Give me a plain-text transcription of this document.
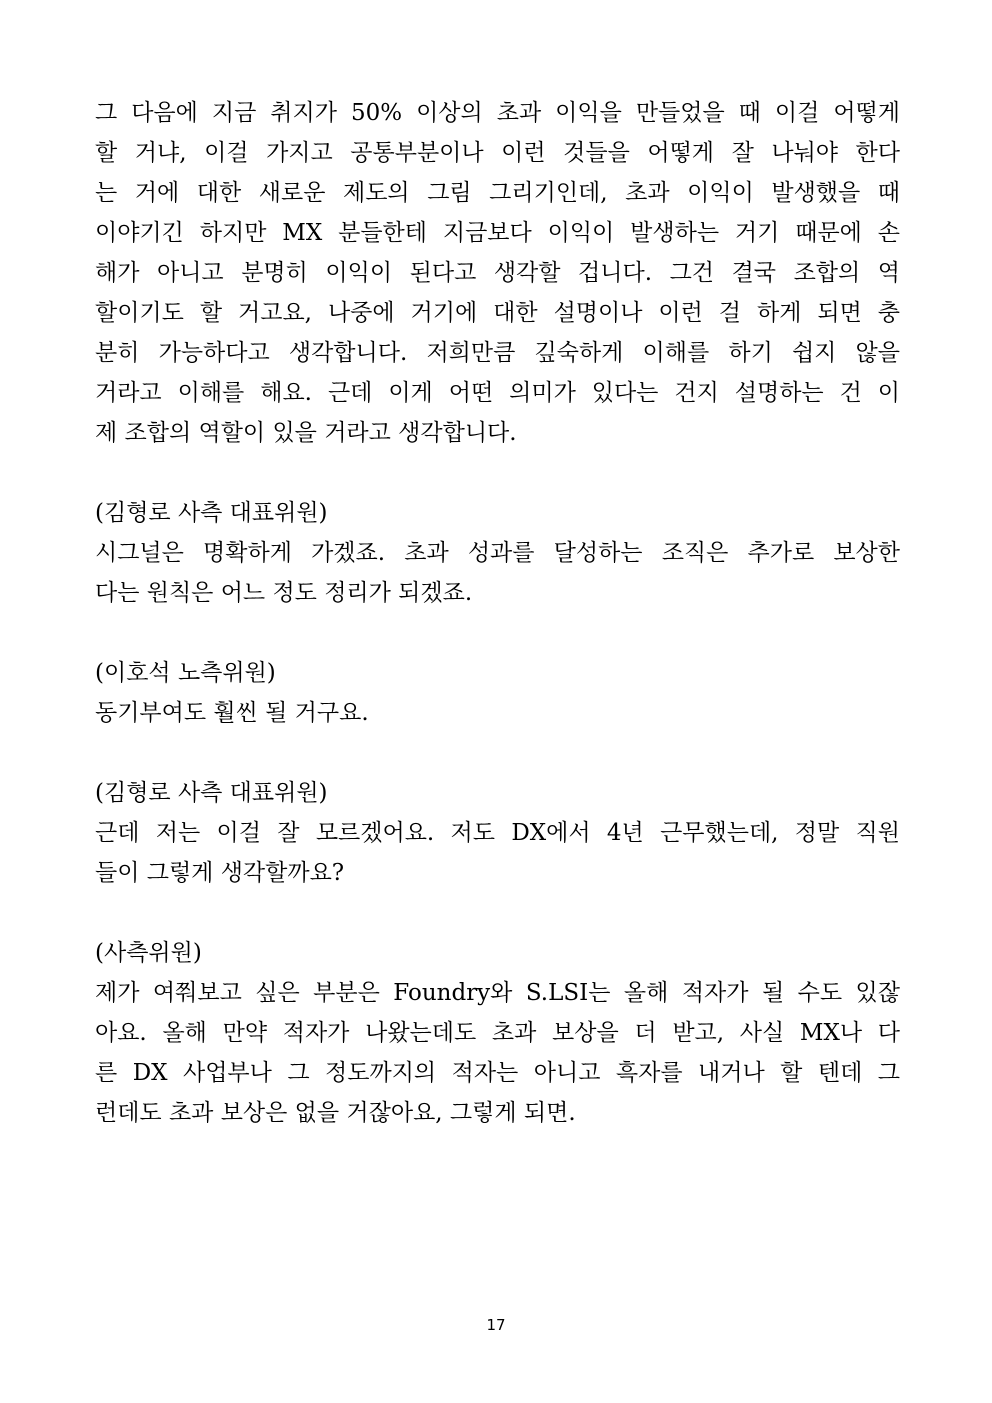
그 다음에 지금 취지가 50% 이상의 초과 이익을 만들었을 때 이걸 어떻게
할 거냐, 이걸 가지고 공통부분이나 이런 것들을 어떻게 잘 나눠야 한다
는 거에 대한 새로운 제도의 그림 그리기인데, 초과 이익이 발생했을 때
이야기긴 하지만 MX 분들한테 지금보다 이익이 발생하는 거기 때문에 손
해가 아니고 분명히 이익이 된다고 생각할 겁니다. 그건 결국 조합의 역
할이기도 할 거고요, 나중에 거기에 대한 설명이나 이런 걸 하게 되면 충
분히 가능하다고 생각합니다. 저희만큼 깊숙하게 이해를 하기 쉽지 않을
거라고 이해를 해요. 근데 이게 어떤 의미가 있다는 건지 설명하는 건 이
제 조합의 역할이 있을 거라고 생각합니다.
(김형로 사측 대표위원)
시그널은 명확하게 가겠죠. 초과 성과를 달성하는 조직은 추가로 보상한
다는 원칙은 어느 정도 정리가 되겠죠.
(이호석 노측위원)
동기부여도 훨씬 될 거구요.
(김형로 사측 대표위원)
근데 저는 이걸 잘 모르겠어요. 저도 DX에서 4년 근무했는데, 정말 직원
들이 그렇게 생각할까요?
(사측위원)
제가 여쭤보고 싶은 부분은 Foundry와 S.LSI는 올해 적자가 될 수도 있잖
아요. 올해 만약 적자가 나왔는데도 초과 보상을 더 받고, 사실 MX나 다
른 DX 사업부나 그 정도까지의 적자는 아니고 흑자를 내거나 할 텐데 그
런데도 초과 보상은 없을 거잖아요, 그렇게 되면.
17
